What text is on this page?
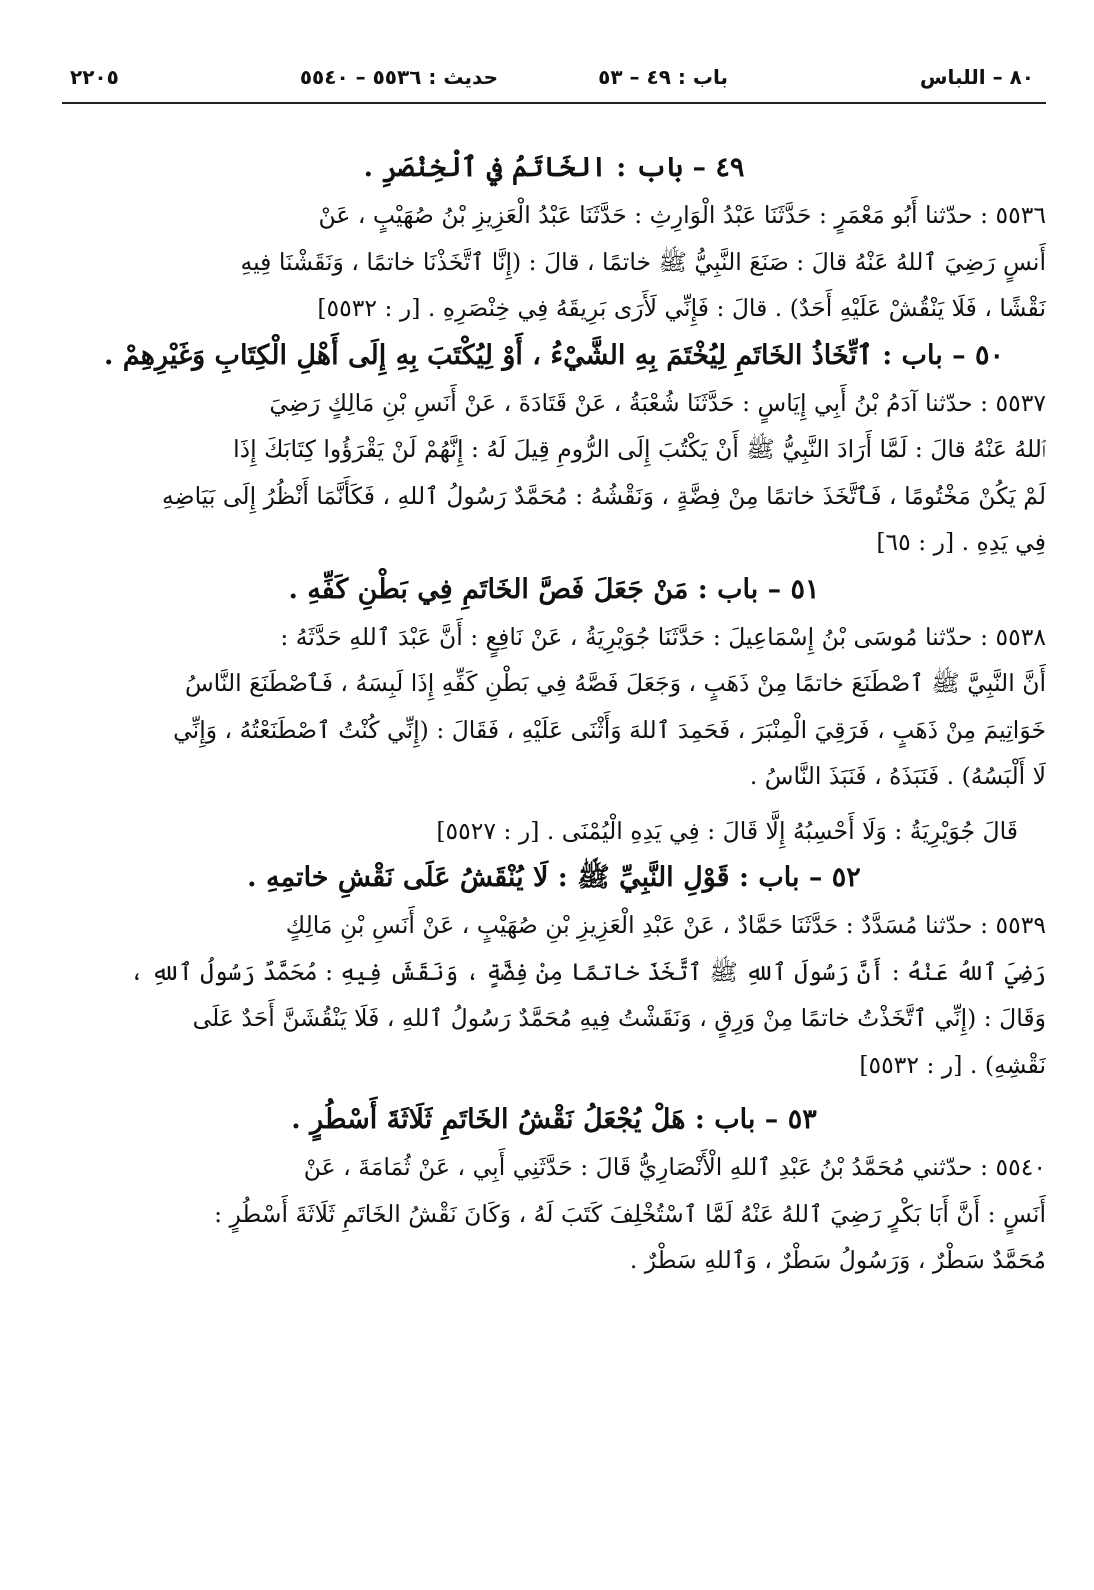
٨٠ – اللباس
باب : ٤٩ – ٥٣
حديث : ٥٥٣٦ – ٥٥٤٠
٢٢٠٥
٤٩ – باب : الخَاتَمُ في ٱلْخِنْصَرِ .
٥٥٣٦ : حدّثنا أَبُو مَعْمَرٍ : حَدَّثَنَا عَبْدُ الْوَارِثِ : حَدَّثَنَا عَبْدُ الْعَزِيزِ بْنُ صُهَيْبٍ ، عَنْ
أَنسٍ رَضِيَ ٱللهُ عَنْهُ قالَ : صَنَعَ النَّبِيُّ ﷺ خاتمًا ، قالَ : (إِنَّا ٱتَّخَذْنَا خاتمًا ، وَنَقَشْنَا فِيهِ
نَقْشًا ، فَلَا يَنْقُشْ عَلَيْهِ أَحَدٌ) . قالَ : فَإِنِّي لَأَرَى بَرِيقَهُ فِي خِنْصَرِهِ . [ر : ٥٥٣٢]
٥٠ – باب : ٱتِّخَاذُ الخَاتَمِ لِيُخْتَمَ بِهِ الشَّيْءُ ، أَوْ لِيُكْتَبَ بِهِ إِلَى أَهْلِ الْكِتَابِ وَغَيْرِهِمْ .
٥٥٣٧ : حدّثنا آدَمُ بْنُ أَبِي إِيَاسٍ : حَدَّثَنَا شُعْبَةُ ، عَنْ قَتَادَةَ ، عَنْ أَنَسِ بْنِ مَالِكٍ رَضِيَ
ٱللهُ عَنْهُ قالَ : لَمَّا أَرَادَ النَّبِيُّ ﷺ أَنْ يَكْتُبَ إِلَى الرُّومِ قِيلَ لَهُ : إِنَّهُمْ لَنْ يَقْرَؤُوا كِتَابَكَ إِذَا
لَمْ يَكُنْ مَخْتُومًا ، فَٱتَّخَذَ خاتمًا مِنْ فِضَّةٍ ، وَنَقْشُهُ : مُحَمَّدٌ رَسُولُ ٱللهِ ، فَكَأَنَّمَا أَنْظُرُ إِلَى بَيَاضِهِ
فِي يَدِهِ . [ر : ٦٥]
٥١ – باب : مَنْ جَعَلَ فَصَّ الخَاتَمِ فِي بَطْنِ كَفِّهِ .
٥٥٣٨ : حدّثنا مُوسَى بْنُ إِسْمَاعِيلَ : حَدَّثَنَا جُوَيْرِيَةُ ، عَنْ نَافِعٍ : أَنَّ عَبْدَ ٱللهِ حَدَّثَهُ :
أَنَّ النَّبِيَّ ﷺ ٱصْطَنَعَ خاتمًا مِنْ ذَهَبٍ ، وَجَعَلَ فَصَّهُ فِي بَطْنِ كَفِّهِ إِذَا لَبِسَهُ ، فَٱصْطَنَعَ النَّاسُ
خَوَاتِيمَ مِنْ ذَهَبٍ ، فَرَقِيَ الْمِنْبَرَ ، فَحَمِدَ ٱللهَ وَأَثْنَى عَلَيْهِ ، فَقَالَ : (إِنِّي كُنْتُ ٱصْطَنَعْتُهُ ، وَإِنِّي
لَا أَلْبَسُهُ) . فَنَبَذَهُ ، فَنَبَذَ النَّاسُ .
قَالَ جُوَيْرِيَةُ : وَلَا أَحْسِبُهُ إِلَّا قَالَ : فِي يَدِهِ الْيُمْنَى . [ر : ٥٥٢٧]
٥٢ – باب : قَوْلِ النَّبِيِّ ﷺ : لَا يُنْقَشُ عَلَى نَقْشِ خاتمِهِ .
٥٥٣٩ : حدّثنا مُسَدَّدٌ : حَدَّثَنَا حَمَّادٌ ، عَنْ عَبْدِ الْعَزِيزِ بْنِ صُهَيْبٍ ، عَنْ أَنَسِ بْنِ مَالِكٍ
رَضِيَ ٱللهُ عَنْهُ : أَنَّ رَسُولَ ٱللهِ ﷺ ٱتَّخَذَ خاتمًا مِنْ فِضَّةٍ ، وَنَقَشَ فِيهِ : مُحَمَّدٌ رَسُولُ ٱللهِ ،
وَقَالَ : (إِنِّي ٱتَّخَذْتُ خاتمًا مِنْ وَرِقٍ ، وَنَقَشْتُ فِيهِ مُحَمَّدٌ رَسُولُ ٱللهِ ، فَلَا يَنْقُشَنَّ أَحَدٌ عَلَى
نَقْشِهِ) . [ر : ٥٥٣٢]
٥٣ – باب : هَلْ يُجْعَلُ نَقْشُ الخَاتَمِ ثَلَاثَةَ أَسْطُرٍ .
٥٥٤٠ : حدّثني مُحَمَّدُ بْنُ عَبْدِ ٱللهِ الْأَنْصَارِيُّ قَالَ : حَدَّثَنِي أَبِي ، عَنْ ثُمَامَةَ ، عَنْ
أَنَسٍ : أَنَّ أَبَا بَكْرٍ رَضِيَ ٱللهُ عَنْهُ لَمَّا ٱسْتُخْلِفَ كَتَبَ لَهُ ، وَكَانَ نَقْشُ الخَاتَمِ ثَلَاثَةَ أَسْطُرٍ :
مُحَمَّدٌ سَطْرٌ ، وَرَسُولُ سَطْرٌ ، وَٱللهِ سَطْرٌ .
